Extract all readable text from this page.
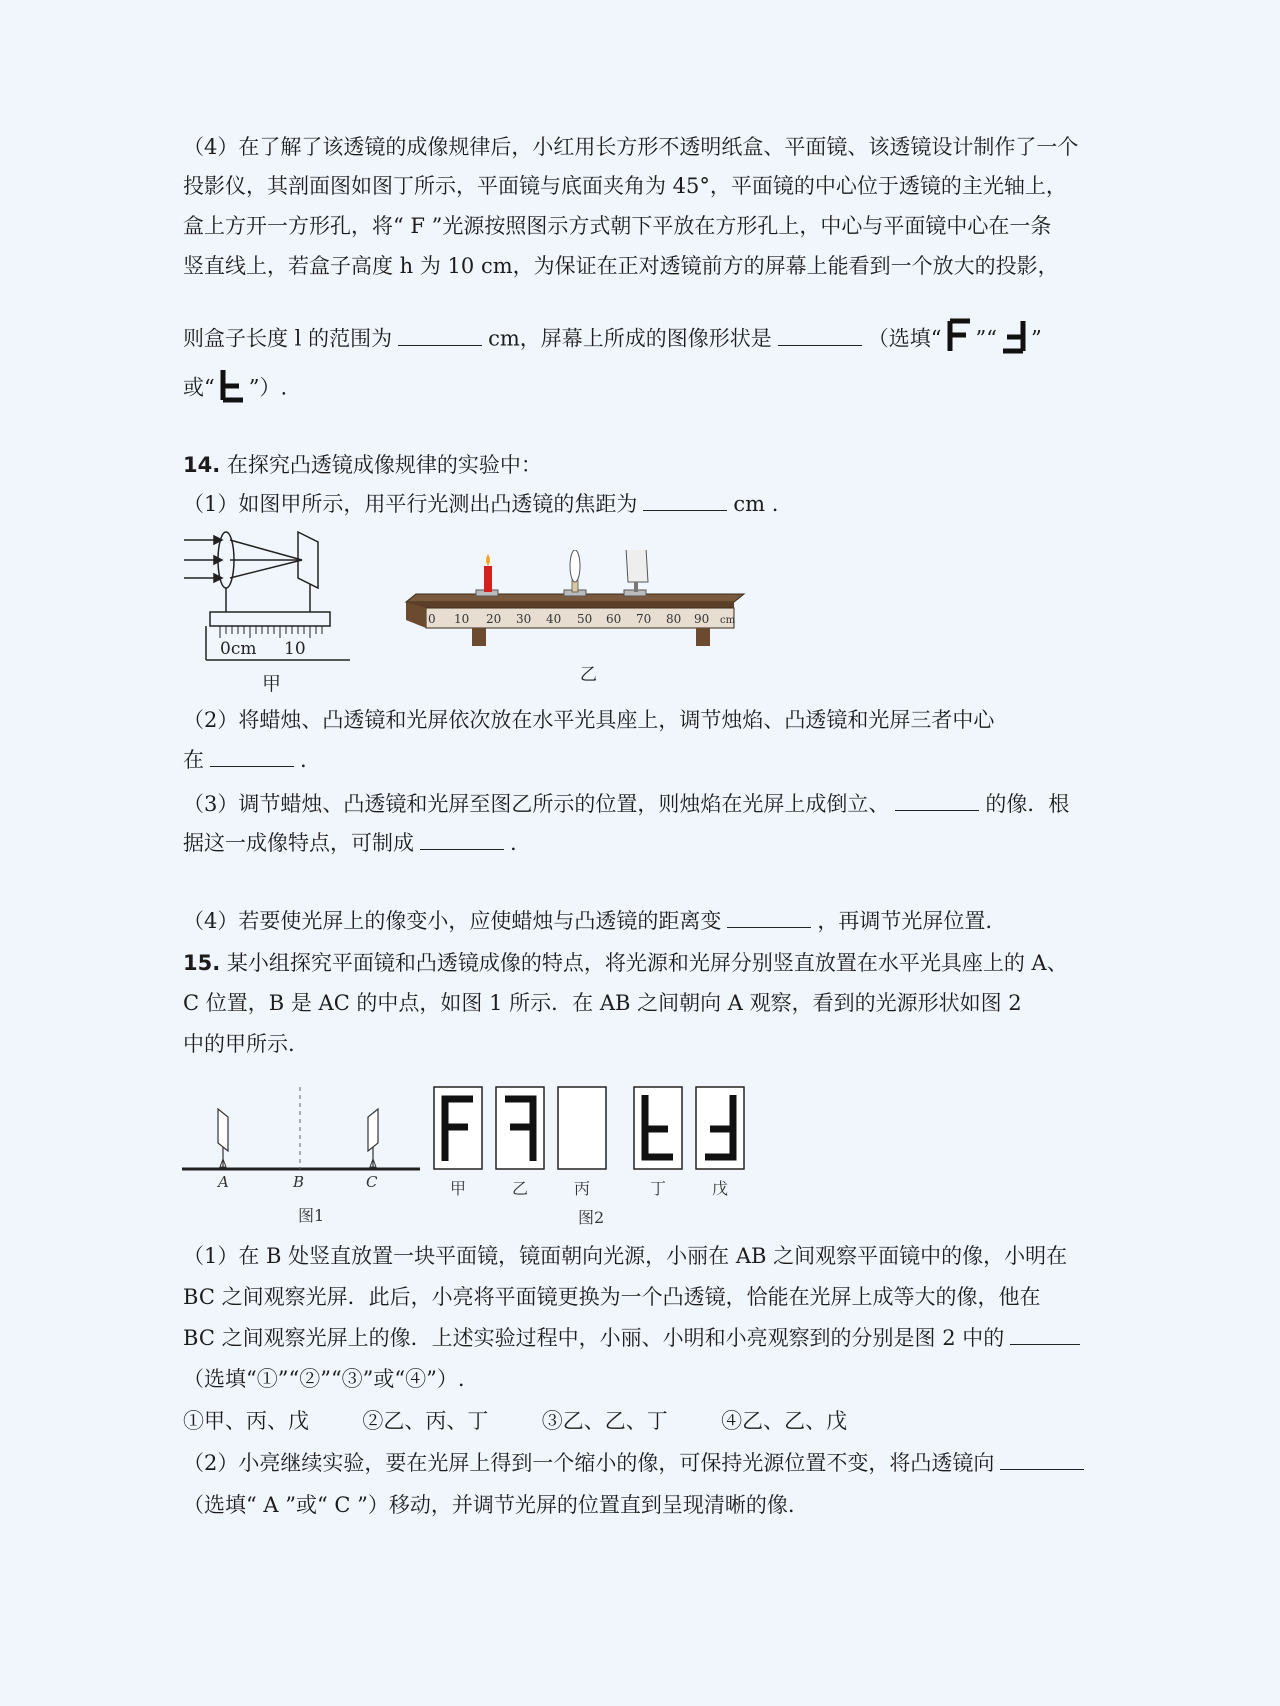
（4）在了解了该透镜的成像规律后，小红用长方形不透明纸盒、平面镜、该透镜设计制作了一个
投影仪，其剖面图如图丁所示，平面镜与底面夹角为 45°，平面镜的中心位于透镜的主光轴上，
盒上方开一方形孔，将“ F ”光源按照图示方式朝下平放在方形孔上，中心与平面镜中心在一条
竖直线上，若盒子高度 h 为 10 cm，为保证在正对透镜前方的屏幕上能看到一个放大的投影，
则盒子长度 l 的范围为	cm，屏幕上所成的图像形状是	（选填“ ”“ ”
或“ ”）.
14. 在探究凸透镜成像规律的实验中：
（1）如图甲所示，用平行光测出凸透镜的焦距为	cm .
0cm 10
甲
0 10 20 30 40 50 60 70 80 90 cm
乙
（2）将蜡烛、凸透镜和光屏依次放在水平光具座上，调节烛焰、凸透镜和光屏三者中心
在	.
（3）调节蜡烛、凸透镜和光屏至图乙所示的位置，则烛焰在光屏上成倒立、	的像．根
据这一成像特点，可制成	.
（4）若要使光屏上的像变小，应使蜡烛与凸透镜的距离变	，再调节光屏位置.
15. 某小组探究平面镜和凸透镜成像的特点，将光源和光屏分别竖直放置在水平光具座上的 A、
C 位置，B 是 AC 的中点，如图 1 所示．在 AB 之间朝向 A 观察，看到的光源形状如图 2
中的甲所示.
A	B	C
图1
甲	乙	丙	丁	戊
图2
（1）在 B 处竖直放置一块平面镜，镜面朝向光源，小丽在 AB 之间观察平面镜中的像，小明在
BC 之间观察光屏．此后，小亮将平面镜更换为一个凸透镜，恰能在光屏上成等大的像，他在
BC 之间观察光屏上的像．上述实验过程中，小丽、小明和小亮观察到的分别是图 2 中的
（选填“①”“②”“③”或“④”）.
①甲、丙、戊	②乙、丙、丁	③乙、乙、丁	④乙、乙、戊
（2）小亮继续实验，要在光屏上得到一个缩小的像，可保持光源位置不变，将凸透镜向
（选填“ A ”或“ C ”）移动，并调节光屏的位置直到呈现清晰的像.
